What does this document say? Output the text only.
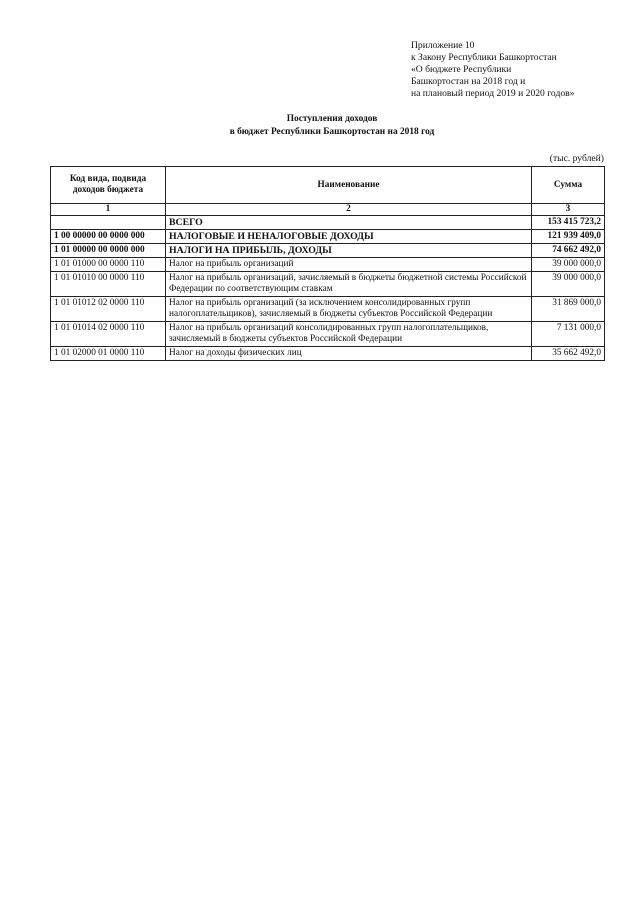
Приложение 10
к Закону Республики Башкортостан
«О бюджете Республики
Башкортостан на 2018 год и
на плановый период 2019 и 2020 годов»
Поступления доходов
в бюджет Республики Башкортостан на 2018 год
(тыс. рублей)
Код вида, подвида доходов бюджета	Наименование	Сумма
1	2	3
	ВСЕГО	153 415 723,2
1 00 00000 00 0000 000	НАЛОГОВЫЕ И НЕНАЛОГОВЫЕ ДОХОДЫ	121 939 409,0
1 01 00000 00 0000 000	НАЛОГИ НА ПРИБЫЛЬ, ДОХОДЫ	74 662 492,0
1 01 01000 00 0000 110	Налог на прибыль организаций	39 000 000,0
1 01 01010 00 0000 110	Налог на прибыль организаций, зачисляемый в бюджеты бюджетной системы Российской Федерации по соответствующим ставкам	39 000 000,0
1 01 01012 02 0000 110	Налог на прибыль организаций (за исключением консолидированных групп налогоплательщиков), зачисляемый в бюджеты субъектов Российской Федерации	31 869 000,0
1 01 01014 02 0000 110	Налог на прибыль организаций консолидированных групп налогоплательщиков, зачисляемый в бюджеты субъектов Российской Федерации	7 131 000,0
1 01 02000 01 0000 110	Налог на доходы физических лиц	35 662 492,0
